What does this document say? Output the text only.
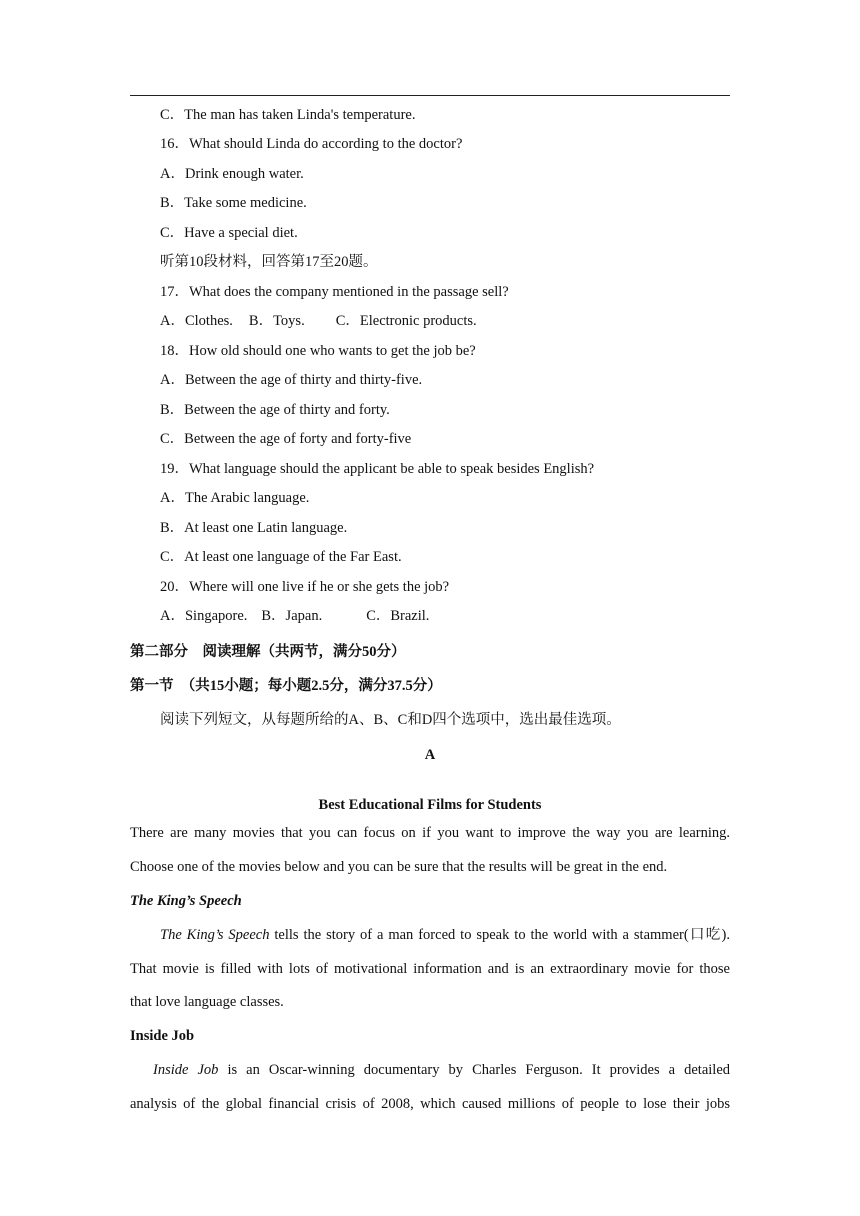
C．The man has taken Linda's temperature.
16．What should Linda do according to the doctor?
A．Drink enough water.
B．Take some medicine.
C．Have a special diet.
听第10段材料，回答第17至20题。
17．What does the company mentioned in the passage sell?
A．Clothes. B．Toys. C．Electronic products.
18．How old should one who wants to get the job be?
A．Between the age of thirty and thirty-five.
B．Between the age of thirty and forty.
C．Between the age of forty and forty-five
19．What language should the applicant be able to speak besides English?
A．The Arabic language.
B．At least one Latin language.
C．At least one language of the Far East.
20．Where will one live if he or she gets the job?
A．Singapore. B．Japan.	C．Brazil.
第二部分　阅读理解（共两节，满分50分）
第一节　（共15小题；每小题2.5分，满分37.5分）
阅读下列短文，从每题所给的A、B、C和D四个选项中，选出最佳选项。
A
Best Educational Films for Students
There are many movies that you can focus on if you want to improve the way you are learning.
Choose one of the movies below and you can be sure that the results will be great in the end.
The King’s Speech
The King’s Speech tells the story of a man forced to speak to the world with a stammer(口吃).
That movie is filled with lots of motivational information and is an extraordinary movie for those
that love language classes.
Inside Job
Inside Job is an Oscar-winning documentary by Charles Ferguson. It provides a detailed
analysis of the global financial crisis of 2008, which caused millions of people to lose their jobs
